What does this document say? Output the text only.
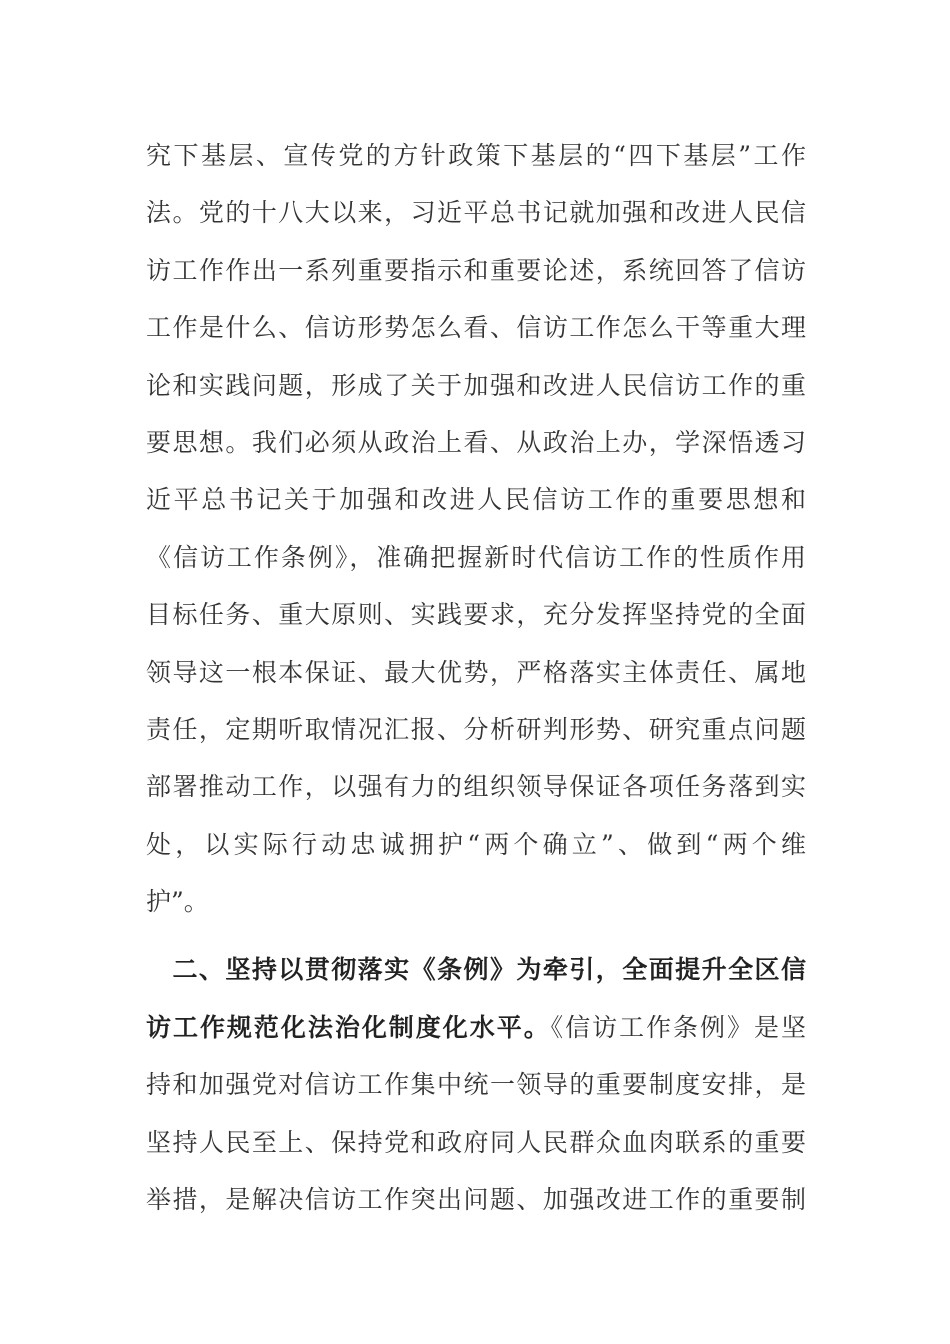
究下基层、宣传党的方针政策下基层的“四下基层”工作
法。党的十八大以来，习近平总书记就加强和改进人民信
访工作作出一系列重要指示和重要论述，系统回答了信访
工作是什么、信访形势怎么看、信访工作怎么干等重大理
论和实践问题，形成了关于加强和改进人民信访工作的重
要思想。我们必须从政治上看、从政治上办，学深悟透习
近平总书记关于加强和改进人民信访工作的重要思想和
《信访工作条例》，准确把握新时代信访工作的性质作用
目标任务、重大原则、实践要求，充分发挥坚持党的全面
领导这一根本保证、最大优势，严格落实主体责任、属地
责任，定期听取情况汇报、分析研判形势、研究重点问题
部署推动工作，以强有力的组织领导保证各项任务落到实
处，以实际行动忠诚拥护“两个确立”、做到“两个维
护”。
　二、坚持以贯彻落实《条例》为牵引，全面提升全区信
访工作规范化法治化制度化水平。《信访工作条例》是坚
持和加强党对信访工作集中统一领导的重要制度安排，是
坚持人民至上、保持党和政府同人民群众血肉联系的重要
举措，是解决信访工作突出问题、加强改进工作的重要制
